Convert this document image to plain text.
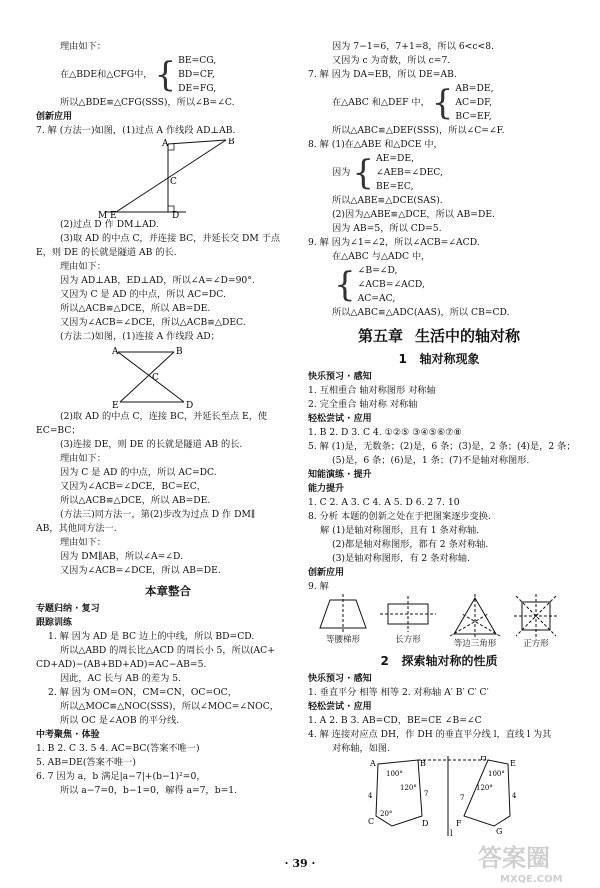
理由如下：

在△BDE和△CFG中， { BE=CG,

BD=CF,

DE=FG,

所以△BDE≌△CFG(SSS)，所以∠B=∠C.

创新应用

7. 解 (方法一)如图，(1)过点 A 作线段 AD⊥AB.

A	B
C
M E	D

(2)过点 D 作 DM⊥AD.

(3)取 AD 的中点 C，并连接 BC，并延长交 DM 于点

E，则 DE 的长就是隧道 AB 的长.

理由如下：

因为 AD⊥AB，ED⊥AD，所以∠A=∠D=90°.

又因为 C 是 AD 的中点，所以 AC=DC.

所以△ACB≌△DCE，所以 AB=DE.

又因为∠ACB=∠DCE，所以△ACB≌△DEC.

(方法二)如图，(1)连接 A 作线段 AD；

A	B
C
E	D

(2)取 AD 的中点 C，连接 BC，并延长至点 E，使

EC=BC；

(3)连接 DE，则 DE 的长就是隧道 AB 的长.

理由如下：

因为 C 是 AD 的中点，所以 AC=DC.

又因为∠ACB=∠DCE，BC=EC，

所以△ACB≌△DCE，所以 AB=DE.

(方法三)同方法一，第(2)步改为过点 D 作 DM∥

AB，其他同方法一.

理由如下：

因为 DM∥AB，所以∠A=∠D.

又因为∠ACB=∠DCE，所以 AB=DE.

本章整合

专题归纳 · 复习

跟踪训练

1. 解 因为 AD 是 BC 边上的中线，所以 BD=CD.

所以△ABD 的周长比△ACD 的周长小 5，所以(AC+

CD+AD)−(AB+BD+AD)=AC−AB=5.

因此，AC 长与 AB 的差为 5.

2. 解 因为 OM=ON，CM=CN，OC=OC，

所以△MOC≌△NOC(SSS)，所以∠MOC=∠NOC，

所以 OC 是∠AOB 的平分线.

中考聚焦 · 体验

1. B 2. C 3. 5 4. AC=BC(答案不唯一)

5. AB=DE(答案不唯一)

6. 7 因为 a，b 满足|a−7|+(b−1)²=0，

所以 a−7=0，b−1=0，解得 a=7，b=1.

因为 7−1=6，7+1=8，所以 6<c<8.

又因为 c 为奇数，所以 c=7.

7. 解 因为 DA=EB，所以 DE=AB.

在△ABC 和△DEF 中， { AB=DE,

AC=DF,

BC=EF,

所以△ABC≌△DEF(SSS)，所以∠C=∠F.

8. 解 (1)在△ABE 和△DCE 中，

因为 { AE=DE,

∠AEB=∠DEC,

BE=EC,

所以△ABE≌△DCE(SAS).

(2)因为△ABE≌△DCE，所以 AB=DE.

因为 AB=5，所以 CD=5.

9. 解 因为∠1=∠2，所以∠ACB=∠ACD.

在△ABC 与△ADC 中，

{ ∠B=∠D,

∠ACB=∠ACD,

AC=AC,

所以△ABC≌△ADC(AAS)，所以 CB=CD.

第五章 生活中的轴对称

1 轴对称现象

快乐预习 · 感知

1. 互相重合 轴对称图形 对称轴

2. 完全重合 轴对称 对称轴

轻松尝试 · 应用

1. B 2. D 3. C 4. ①②⑤ ③④⑤⑥⑦⑧

5. 解 (1)是，无数条；(2)是，6 条；(3)是，2 条；(4)是，2 条；

(5)是，6 条；(6)是，1 条；(7)不是轴对称图形.

知能演练 · 提升

能力提升

1. C 2. A 3. C 4. A 5. D 6. 2 7. 10

8. 分析 本题的创新之处在于把图案逐步变换.

解 (1)是轴对称图形，且有 1 条对称轴.

(2)都是轴对称图形，都有 2 条对称轴.

(3)是轴对称图形，有 2 条对称轴.

创新应用

9. 解

等腰梯形	长方形	等边三角形	正方形

2 探索轴对称的性质

快乐预习 · 感知

1. 垂直平分 相等 相等 2. 对称轴 A′ B′ C′ C′

轻松尝试 · 应用

1. A 2. B 3. AB=CD，BE=CE ∠B=∠C

4. 解 连接对应点 DH，作 DH 的垂直平分线 l，直线 l 为其

对称轴，如图.

A	B
100°
120°
4	7
20°
C	D
H
E
100°
120°
7	4
F
G
l
· 39 ·	答案圈
MXQE.COM
